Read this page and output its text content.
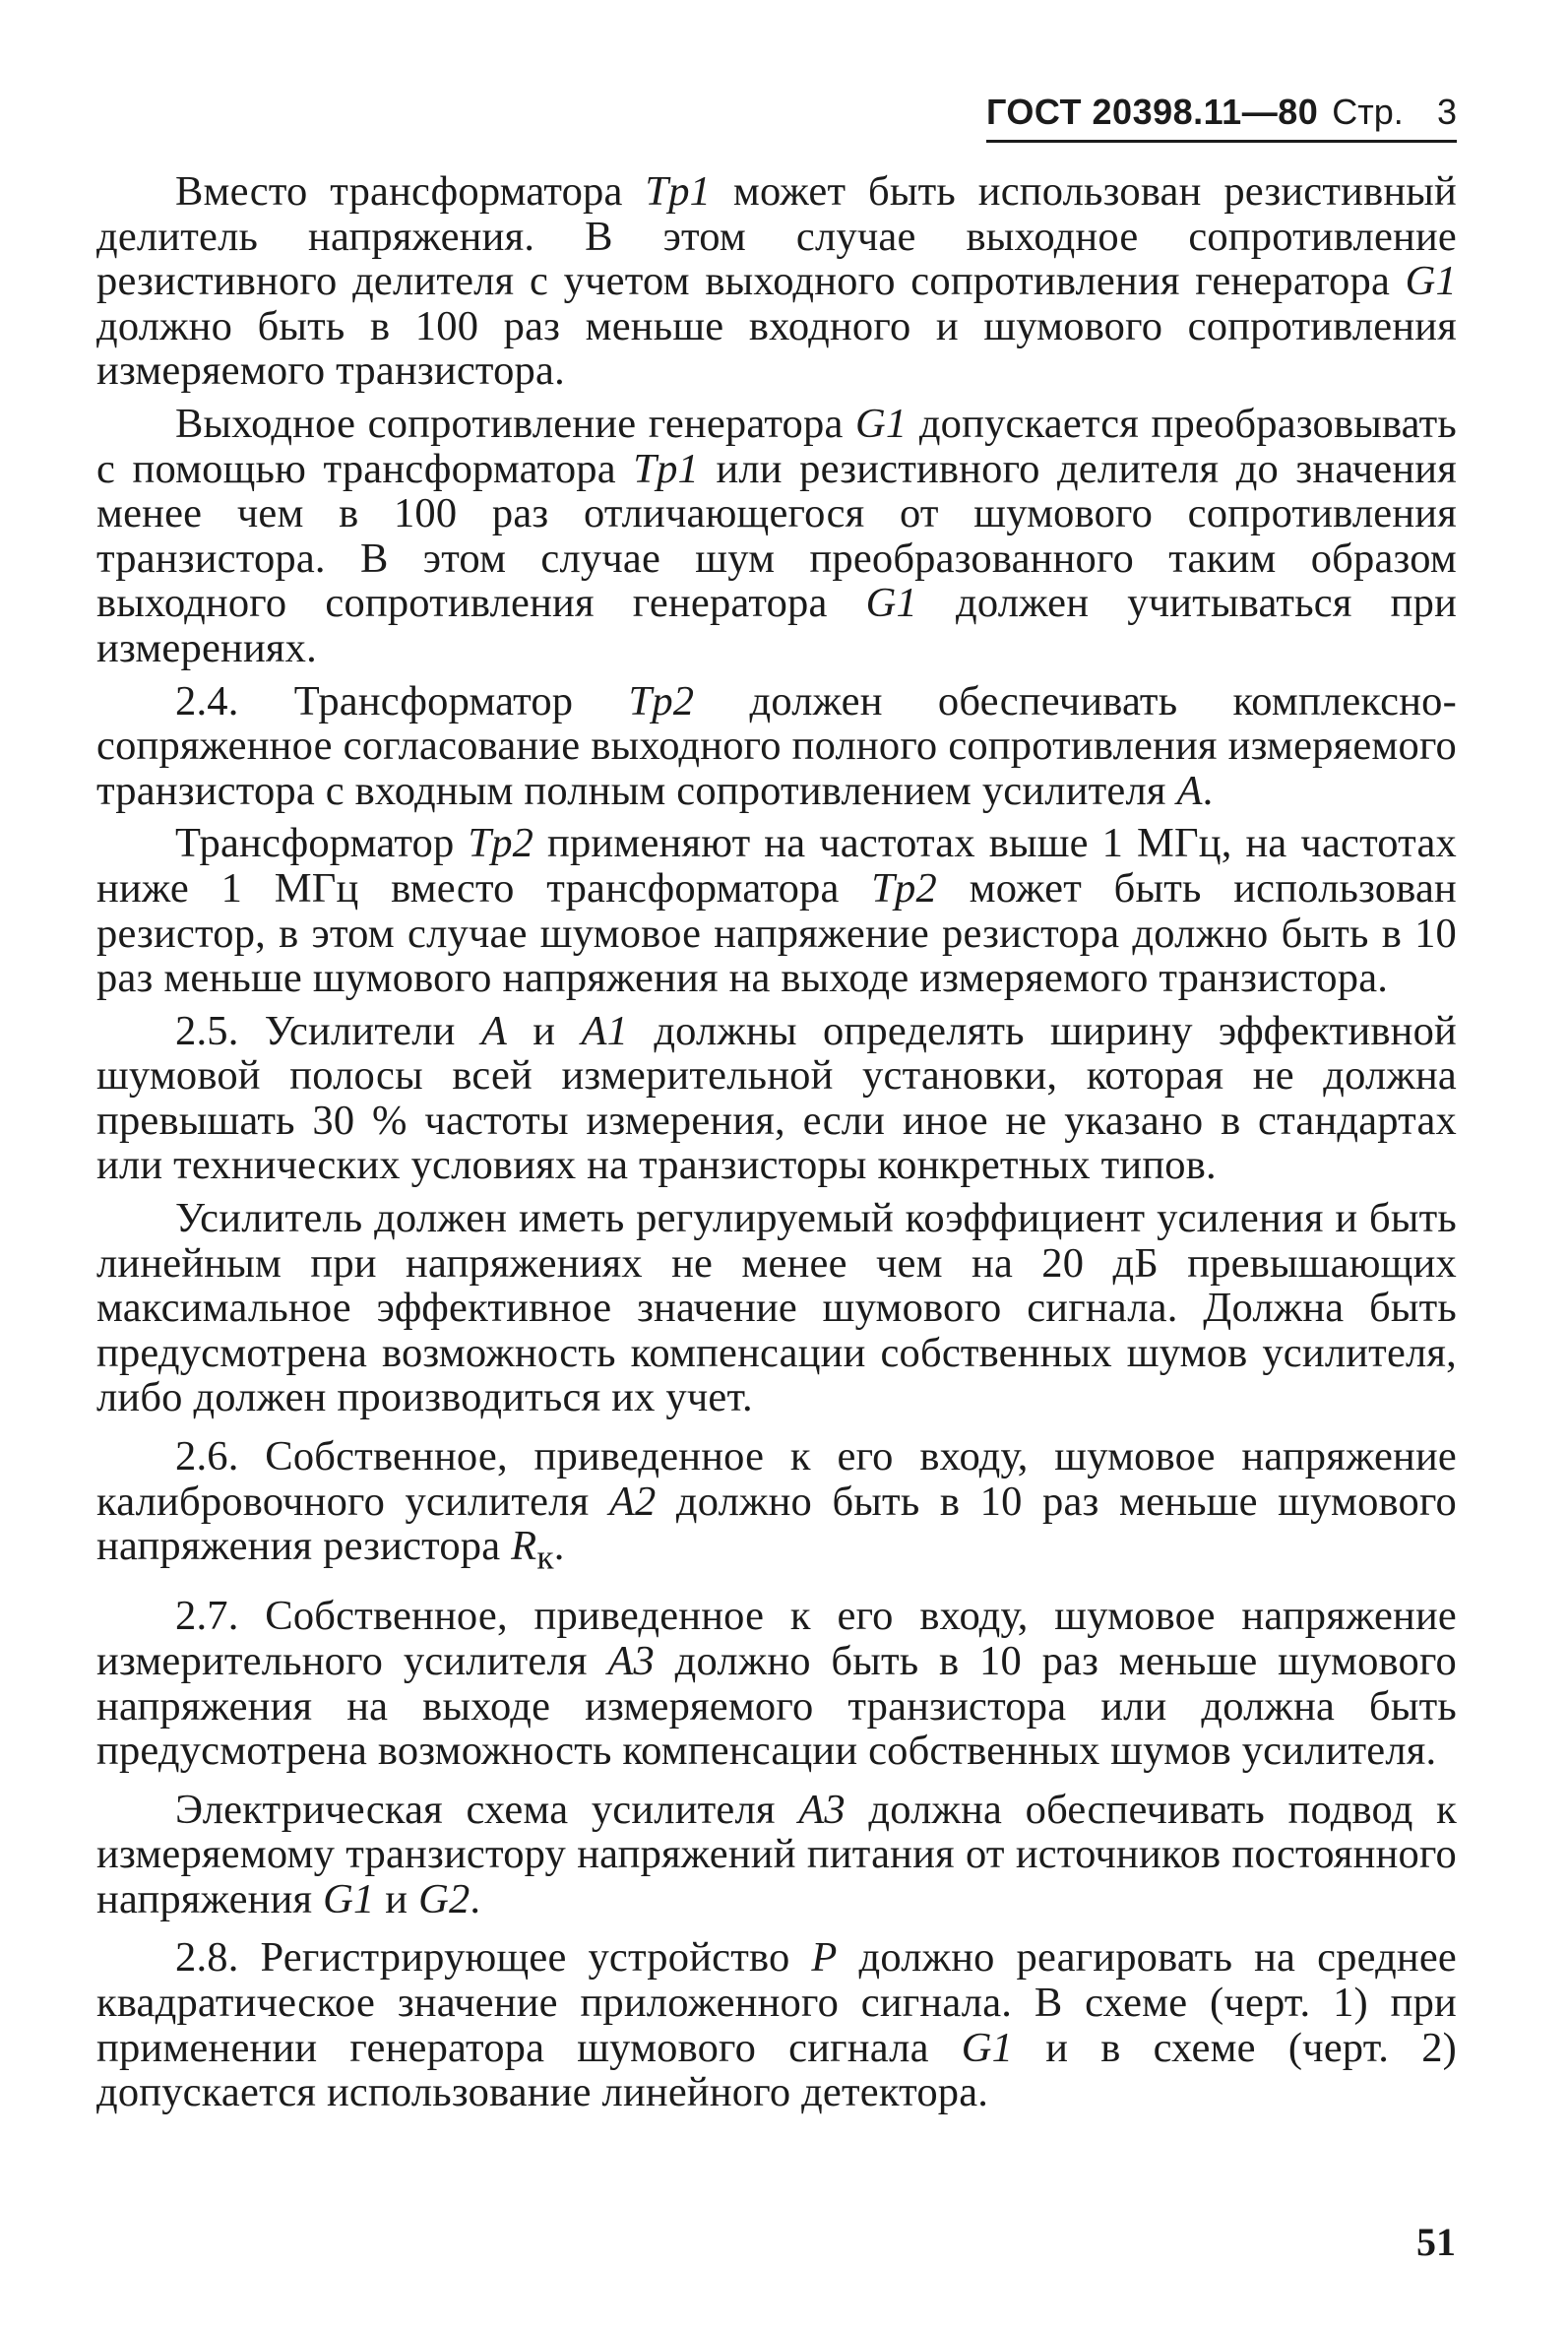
ГОСТ 20398.11—80 Стр. 3

Вместо трансформатора Tp1 может быть использован резистивный делитель напряжения. В этом случае выходное сопротивление резистивного делителя с учетом выходного сопротивления генератора G1 должно быть в 100 раз меньше входного и шумового сопротивления измеряемого транзистора.

Выходное сопротивление генератора G1 допускается преобразовывать с помощью трансформатора Tp1 или резистивного делителя до значения менее чем в 100 раз отличающегося от шумового сопротивления транзистора. В этом случае шум преобразованного таким образом выходного сопротивления генератора G1 должен учитываться при измерениях.

2.4. Трансформатор Tp2 должен обеспечивать комплексно- сопряженное согласование выходного полного сопротивления измеряемого транзистора с входным полным сопротивлением усилителя A.

Трансформатор Tp2 применяют на частотах выше 1 МГц, на частотах ниже 1 МГц вместо трансформатора Tp2 может быть использован резистор, в этом случае шумовое напряжение резистора должно быть в 10 раз меньше шумового напряжения на выходе измеряемого транзистора.

2.5. Усилители A и A1 должны определять ширину эффективной шумовой полосы всей измерительной установки, которая не должна превышать 30 % частоты измерения, если иное не указано в стандартах или технических условиях на транзисторы конкретных типов.

Усилитель должен иметь регулируемый коэффициент усиления и быть линейным при напряжениях не менее чем на 20 дБ превышающих максимальное эффективное значение шумового сигнала. Должна быть предусмотрена возможность компенсации собственных шумов усилителя, либо должен производиться их учет.

2.6. Собственное, приведенное к его входу, шумовое напряжение калибровочного усилителя A2 должно быть в 10 раз меньше шумового напряжения резистора $R_к$.

2.7. Собственное, приведенное к его входу, шумовое напряжение измерительного усилителя A3 должно быть в 10 раз меньше шумового напряжения на выходе измеряемого транзистора или должна быть предусмотрена возможность компенсации собственных шумов усилителя.

Электрическая схема усилителя A3 должна обеспечивать подвод к измеряемому транзистору напряжений питания от источников постоянного напряжения G1 и G2.

2.8. Регистрирующее устройство P должно реагировать на среднее квадратическое значение приложенного сигнала. В схеме (черт. 1) при применении генератора шумового сигнала G1 и в схеме (черт. 2) допускается использование линейного детектора.

51
